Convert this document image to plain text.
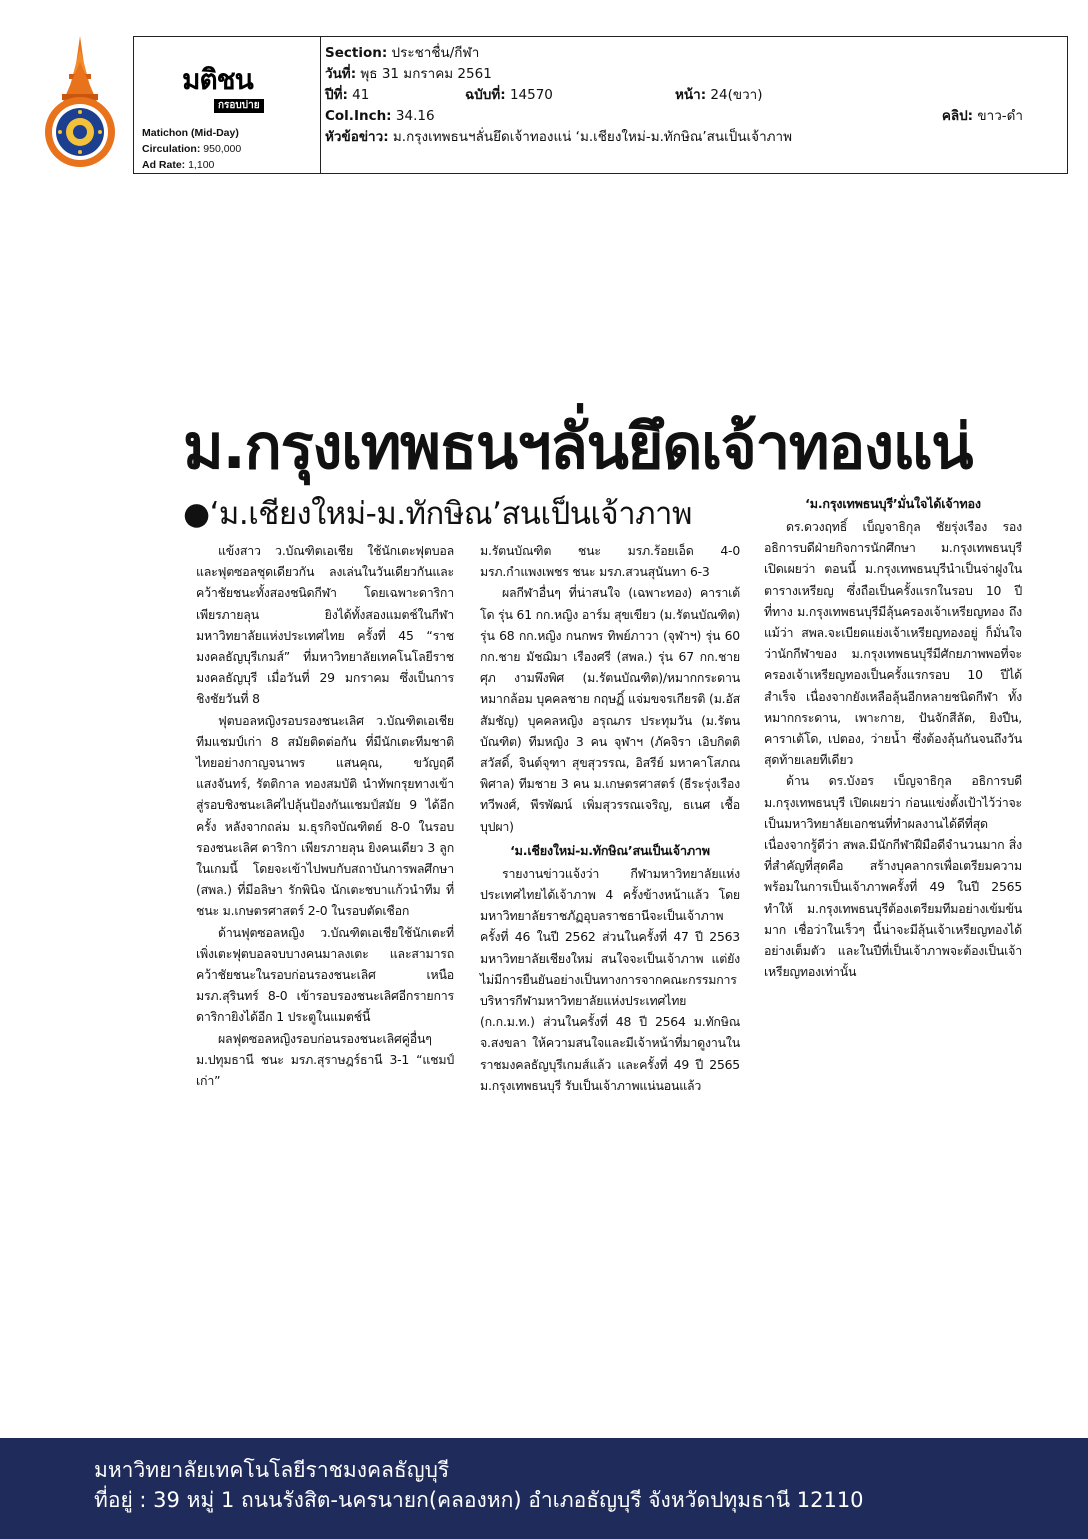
มติชน
กรอบบ่าย
Matichon (Mid-Day)
Circulation: 950,000
Ad Rate: 1,100
Section: ประชาชื่น/กีฬา
วันที่: พุธ 31 มกราคม 2561
ปีที่: 41	ฉบับที่: 14570	หน้า: 24(ขวา)
Col.Inch: 34.16	คลิป: ขาว-ดำ
หัวข้อข่าว: ม.กรุงเทพธนฯลั่นยึดเจ้าทองแน่ ‘ม.เชียงใหม่-ม.ทักษิณ’สนเป็นเจ้าภาพ
ม.กรุงเทพธนฯลั่นยึดเจ้าทองแน่
●‘ม.เชียงใหม่-ม.ทักษิณ’สนเป็นเจ้าภาพ

แข้งสาว ว.บัณฑิตเอเชีย ใช้นักเตะฟุตบอลและฟุตซอลชุดเดียวกัน ลงเล่นในวันเดียวกันและคว้าชัยชนะทั้งสองชนิดกีฬา โดยเฉพาะดาริกา เพียรภายลุน ยิงได้ทั้งสองแมตช์ในกีฬามหาวิทยาลัยแห่งประเทศไทย ครั้งที่ 45 “ราชมงคลธัญบุรีเกมส์” ที่มหาวิทยาลัยเทคโนโลยีราชมงคลธัญบุรี เมื่อวันที่ 29 มกราคม ซึ่งเป็นการชิงชัยวันที่ 8

ฟุตบอลหญิงรอบรองชนะเลิศ ว.บัณฑิตเอเชีย ทีมแชมป์เก่า 8 สมัยติดต่อกัน ที่มีนักเตะทีมชาติไทยอย่างกาญจนาพร แสนคุณ, ขวัญฤดี แสงจันทร์, รัตติกาล ทองสมบัติ นำทัพกรุยทางเข้าสู่รอบชิงชนะเลิศไปลุ้นป้องกันแชมป์สมัย 9 ได้อีกครั้ง หลังจากถล่ม ม.ธุรกิจบัณฑิตย์ 8-0 ในรอบรองชนะเลิศ ดาริกา เพียรภายลุน ยิงคนเดียว 3 ลูกในเกมนี้ โดยจะเข้าไปพบกับสถาบันการพลศึกษา (สพล.) ที่มีอลิษา รักพินิจ นักเตะชบาแก้วนำทีม ที่ชนะ ม.เกษตรศาสตร์ 2-0 ในรอบตัดเชือก

ด้านฟุตซอลหญิง ว.บัณฑิตเอเชียใช้นักเตะที่เพิ่งเตะฟุตบอลจบบางคนมาลงเตะ และสามารถคว้าชัยชนะในรอบก่อนรองชนะเลิศ เหนือ มรภ.สุรินทร์ 8-0 เข้ารอบรองชนะเลิศอีกรายการ ดาริกายิงได้อีก 1 ประตูในแมตช์นี้

ผลฟุตซอลหญิงรอบก่อนรองชนะเลิศคู่อื่นๆ ม.ปทุมธานี ชนะ มรภ.สุราษฎร์ธานี 3-1 “แชมป์เก่า”

ม.รัตนบัณฑิต ชนะ มรภ.ร้อยเอ็ด 4-0 มรภ.กำแพงเพชร ชนะ มรภ.สวนสุนันทา 6-3

ผลกีฬาอื่นๆ ที่น่าสนใจ (เฉพาะทอง) คาราเต้โด รุ่น 61 กก.หญิง อาร์ม สุขเขียว (ม.รัตนบัณฑิต) รุ่น 68 กก.หญิง กนกพร ทิพย์ภาวา (จุฬาฯ) รุ่น 60 กก.ชาย มัชฌิมา เรืองศรี (สพล.) รุ่น 67 กก.ชาย ศุภ งามพึงพิศ (ม.รัตนบัณฑิต)/หมากกระดานหมากล้อม บุคคลชาย กฤษฏิ์ แจ่มขจรเกียรติ (ม.อัสสัมชัญ) บุคคลหญิง อรุณภร ประทุมวัน (ม.รัตนบัณฑิต) ทีมหญิง 3 คน จุฬาฯ (ภัคจิรา เอิบกิตติสวัสดิ์, จินต์จุฑา สุขสุวรรณ, อิสรีย์ มหาคาโสภณพิศาล) ทีมชาย 3 คน ม.เกษตรศาสตร์ (ธีระรุ่งเรืองทวีพงศ์, พีรพัฒน์ เพิ่มสุวรรณเจริญ, ธเนศ เชื้อบุปผา)

‘ม.เชียงใหม่-ม.ทักษิณ’สนเป็นเจ้าภาพ

รายงานข่าวแจ้งว่า กีฬามหาวิทยาลัยแห่งประเทศไทยได้เจ้าภาพ 4 ครั้งข้างหน้าแล้ว โดยมหาวิทยาลัยราชภัฏอุบลราชธานีจะเป็นเจ้าภาพครั้งที่ 46 ในปี 2562 ส่วนในครั้งที่ 47 ปี 2563 มหาวิทยาลัยเชียงใหม่ สนใจจะเป็นเจ้าภาพ แต่ยังไม่มีการยืนยันอย่างเป็นทางการจากคณะกรรมการบริหารกีฬามหาวิทยาลัยแห่งประเทศไทย (ก.ก.ม.ท.) ส่วนในครั้งที่ 48 ปี 2564 ม.ทักษิณ จ.สงขลา ให้ความสนใจและมีเจ้าหน้าที่มาดูงานในราชมงคลธัญบุรีเกมส์แล้ว และครั้งที่ 49 ปี 2565 ม.กรุงเทพธนบุรี รับเป็นเจ้าภาพแน่นอนแล้ว

‘ม.กรุงเทพธนบุรี’มั่นใจได้เจ้าทอง

ดร.ดวงฤทธิ์ เบ็ญจาธิกุล ชัยรุ่งเรือง รองอธิการบดีฝ่ายกิจการนักศึกษา ม.กรุงเทพธนบุรี เปิดเผยว่า ตอนนี้ ม.กรุงเทพธนบุรีนำเป็นจ่าฝูงในตารางเหรียญ ซึ่งถือเป็นครั้งแรกในรอบ 10 ปีที่ทาง ม.กรุงเทพธนบุรีมีลุ้นครองเจ้าเหรียญทอง ถึงแม้ว่า สพล.จะเบียดแย่งเจ้าเหรียญทองอยู่ ก็มั่นใจว่านักกีฬาของ ม.กรุงเทพธนบุรีมีศักยภาพพอที่จะครองเจ้าเหรียญทองเป็นครั้งแรกรอบ 10 ปีได้สำเร็จ เนื่องจากยังเหลือลุ้นอีกหลายชนิดกีฬา ทั้งหมากกระดาน, เพาะกาย, ปันจักสีลัต, ยิงปืน, คาราเต้โด, เปตอง, ว่ายน้ำ ซึ่งต้องลุ้นกันจนถึงวันสุดท้ายเลยทีเดียว

ด้าน ดร.บังอร เบ็ญจาธิกุล อธิการบดี ม.กรุงเทพธนบุรี เปิดเผยว่า ก่อนแข่งตั้งเป้าไว้ว่าจะเป็นมหาวิทยาลัยเอกชนที่ทำผลงานได้ดีที่สุด เนื่องจากรู้ดีว่า สพล.มีนักกีฬาฝีมือดีจำนวนมาก สิ่งที่สำคัญที่สุดคือ สร้างบุคลากรเพื่อเตรียมความพร้อมในการเป็นเจ้าภาพครั้งที่ 49 ในปี 2565 ทำให้ ม.กรุงเทพธนบุรีต้องเตรียมทีมอย่างเข้มข้นมาก เชื่อว่าในเร็วๆ นี้น่าจะมีลุ้นเจ้าเหรียญทองได้อย่างเต็มตัว และในปีที่เป็นเจ้าภาพจะต้องเป็นเจ้าเหรียญทองเท่านั้น

มหาวิทยาลัยเทคโนโลยีราชมงคลธัญบุรี
ที่อยู่ : 39 หมู่ 1 ถนนรังสิต-นครนายก(คลองหก) อำเภอธัญบุรี จังหวัดปทุมธานี 12110
